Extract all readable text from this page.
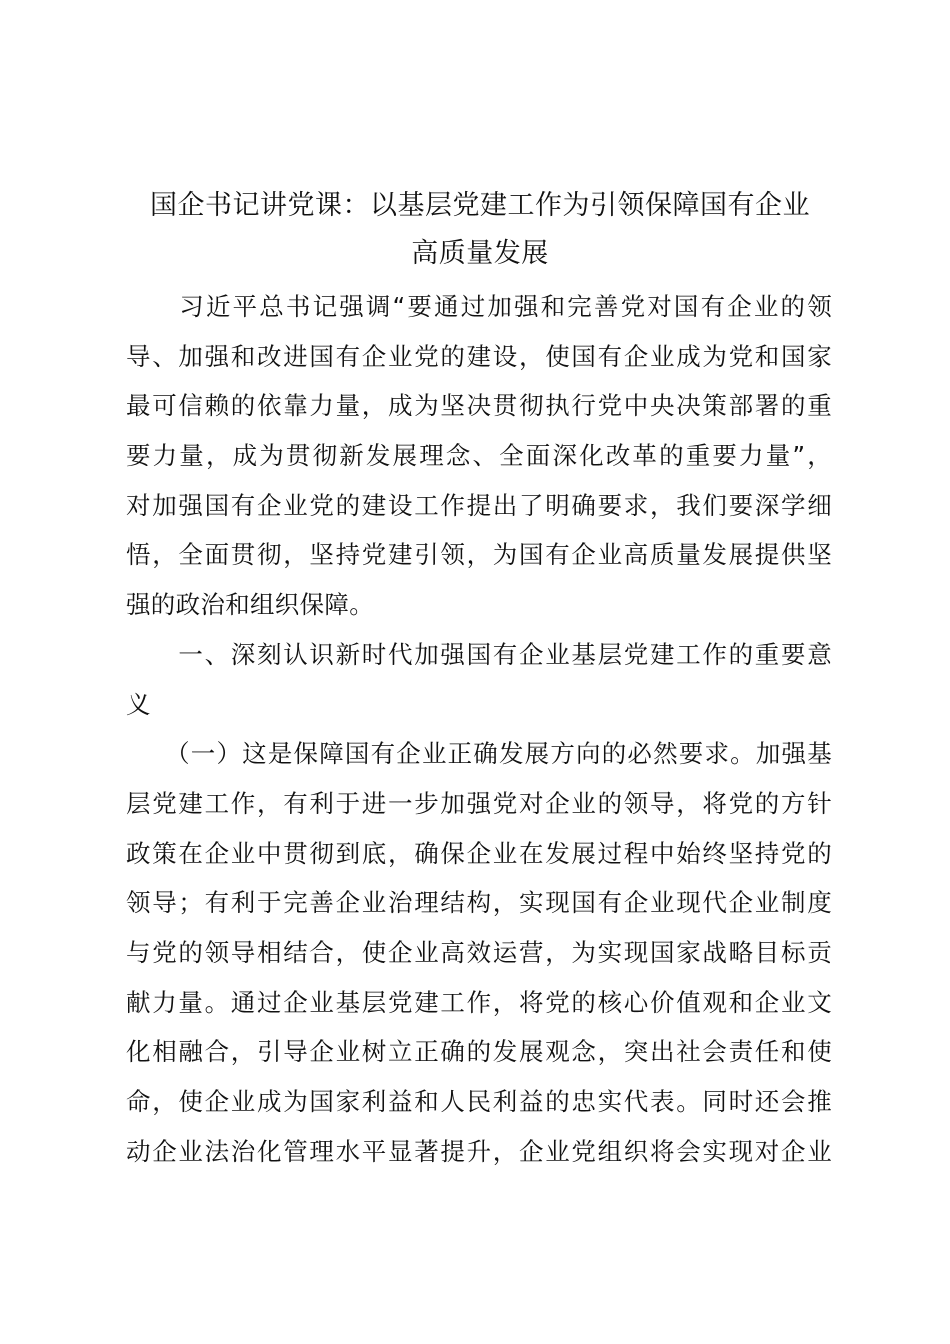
国企书记讲党课：以基层党建工作为引领保障国有企业
高质量发展
　　习近平总书记强调“要通过加强和完善党对国有企业的领
导、加强和改进国有企业党的建设，使国有企业成为党和国家
最可信赖的依靠力量，成为坚决贯彻执行党中央决策部署的重
要力量，成为贯彻新发展理念、全面深化改革的重要力量”，
对加强国有企业党的建设工作提出了明确要求，我们要深学细
悟，全面贯彻，坚持党建引领，为国有企业高质量发展提供坚
强的政治和组织保障。
　　一、深刻认识新时代加强国有企业基层党建工作的重要意
义
　　（一）这是保障国有企业正确发展方向的必然要求。加强基
层党建工作，有利于进一步加强党对企业的领导，将党的方针
政策在企业中贯彻到底，确保企业在发展过程中始终坚持党的
领导；有利于完善企业治理结构，实现国有企业现代企业制度
与党的领导相结合，使企业高效运营，为实现国家战略目标贡
献力量。通过企业基层党建工作，将党的核心价值观和企业文
化相融合，引导企业树立正确的发展观念，突出社会责任和使
命，使企业成为国家利益和人民利益的忠实代表。同时还会推
动企业法治化管理水平显著提升，企业党组织将会实现对企业
